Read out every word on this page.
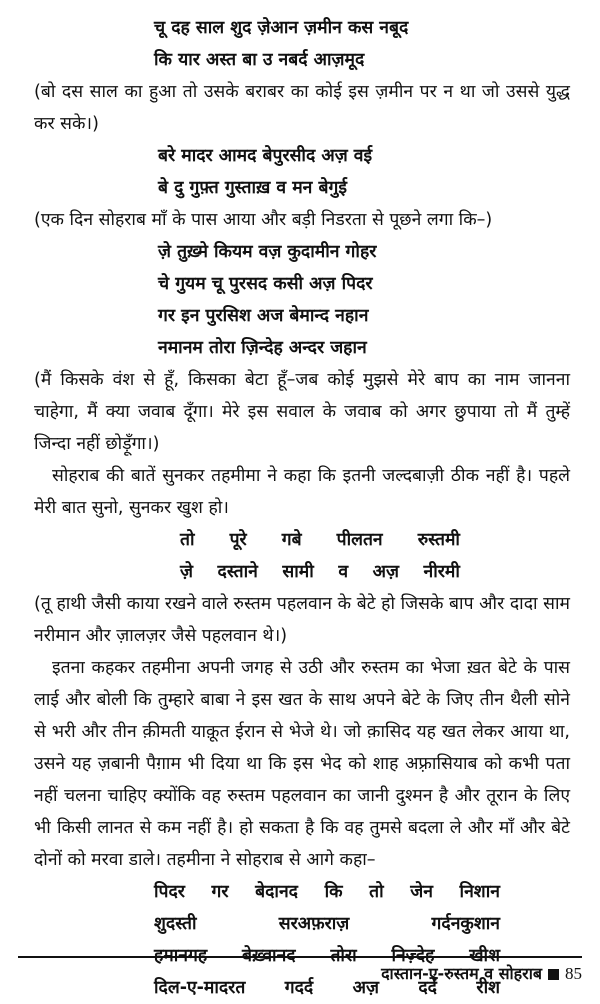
चू दह साल शुद ज़ेआन ज़मीन कस नबूद
कि यार अस्त बा उ नबर्द आज़मूद

(बो दस साल का हुआ तो उसके बराबर का कोई इस ज़मीन पर न था जो उससे युद्ध कर सके।)

बरे मादर आमद बेपुरसीद अज़ वई
बे दु गुफ़्त गुस्ताख़ व मन बेगुई

(एक दिन सोहराब माँ के पास आया और बड़ी निडरता से पूछने लगा कि–)

ज़े तुख़्मे कियम वज़ कुदामीन गोहर
चे गुयम चू पुरसद कसी अज़ पिदर
गर इन पुरसिश अज बेमान्द नहान
नमानम तोरा ज़िन्देह अन्दर जहान

(मैं किसके वंश से हूँ, किसका बेटा हूँ–जब कोई मुझसे मेरे बाप का नाम जानना चाहेगा, मैं क्या जवाब दूँगा। मेरे इस सवाल के जवाब को अगर छुपाया तो मैं तुम्हें जिन्दा नहीं छोड़ूँगा।)

सोहराब की बातें सुनकर तहमीमा ने कहा कि इतनी जल्दबाज़ी ठीक नहीं है। पहले मेरी बात सुनो, सुनकर खुश हो।

तो पूरे गबे पीलतन रुस्तमी
ज़े दस्ताने सामी व अज़ नीरमी

(तू हाथी जैसी काया रखने वाले रुस्तम पहलवान के बेटे हो जिसके बाप और दादा साम नरीमान और ज़ालज़र जैसे पहलवान थे।)

इतना कहकर तहमीना अपनी जगह से उठी और रुस्तम का भेजा ख़त बेटे के पास लाई और बोली कि तुम्हारे बाबा ने इस खत के साथ अपने बेटे के जिए तीन थैली सोने से भरी और तीन क़ीमती याक़ूत ईरान से भेजे थे। जो क़ासिद यह खत लेकर आया था, उसने यह ज़बानी पैग़ाम भी दिया था कि इस भेद को शाह अफ़्रासियाब को कभी पता नहीं चलना चाहिए क्योंकि वह रुस्तम पहलवान का जानी दुश्मन है और तूरान के लिए भी किसी लानत से कम नहीं है। हो सकता है कि वह तुमसे बदला ले और माँ और बेटे दोनों को मरवा डाले। तहमीना ने सोहराब से आगे कहा–

पिदर गर बेदानद कि तो जेन निशान
शुदस्ती	सरअफ़राज़	गर्दनकुशान
हमानगह बेख़्वानद तोरा निज़्देह खीश
दिल-ए-मादरत गदर्द अज़ दर्दे रीश
दास्तान-ए-रुस्तम व सोहराब 85
